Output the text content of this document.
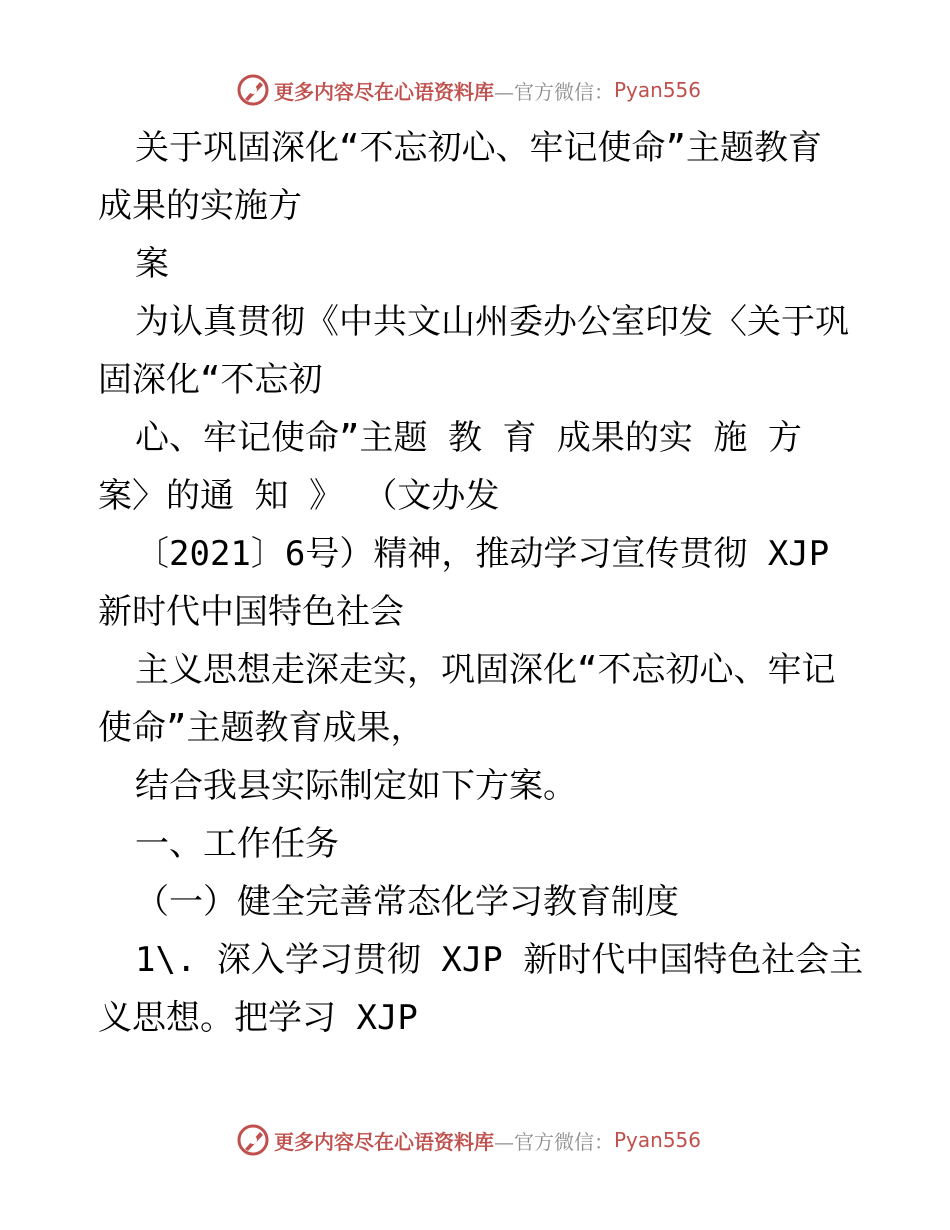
更多内容尽在心语资料库 —官方微信： Pyan556
关于巩固深化“不忘初心、牢记使命”主题教育
成果的实施方
案
为认真贯彻《中共文山州委办公室印发〈关于巩
固深化“不忘初
心、牢记使命”主题 教 育 成果的实 施 方
案〉的通 知 》 （文办发
〔2021〕6号）精神，推动学习宣传贯彻 XJP
新时代中国特色社会
主义思想走深走实，巩固深化“不忘初心、牢记
使命”主题教育成果，
结合我县实际制定如下方案。
一、工作任务
（一）健全完善常态化学习教育制度
1\. 深入学习贯彻 XJP 新时代中国特色社会主
义思想。把学习 XJP
更多内容尽在心语资料库 —官方微信： Pyan556
